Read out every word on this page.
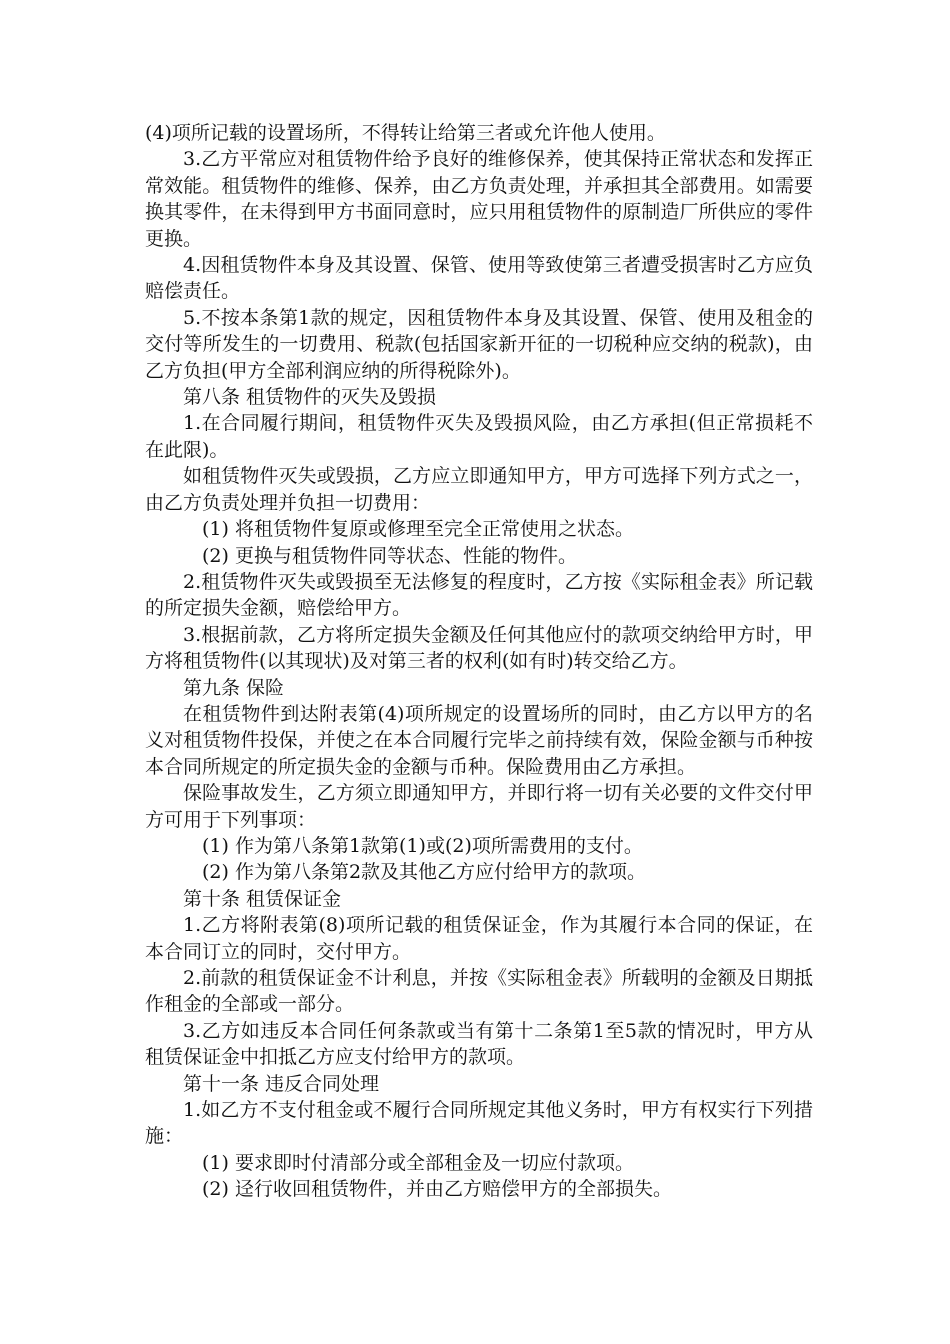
(4)项所记载的设置场所，不得转让给第三者或允许他人使用。

3.乙方平常应对租赁物件给予良好的维修保养，使其保持正常状态和发挥正常效能。租赁物件的维修、保养，由乙方负责处理，并承担其全部费用。如需要换其零件，在未得到甲方书面同意时，应只用租赁物件的原制造厂所供应的零件更换。

4.因租赁物件本身及其设置、保管、使用等致使第三者遭受损害时乙方应负赔偿责任。

5.不按本条第1款的规定，因租赁物件本身及其设置、保管、使用及租金的交付等所发生的一切费用、税款(包括国家新开征的一切税种应交纳的税款)，由乙方负担(甲方全部利润应纳的所得税除外)。

第八条 租赁物件的灭失及毁损

1.在合同履行期间，租赁物件灭失及毁损风险，由乙方承担(但正常损耗不在此限)。

如租赁物件灭失或毁损，乙方应立即通知甲方，甲方可选择下列方式之一，由乙方负责处理并负担一切费用：

(1) 将租赁物件复原或修理至完全正常使用之状态。

(2) 更换与租赁物件同等状态、性能的物件。

2.租赁物件灭失或毁损至无法修复的程度时，乙方按《实际租金表》所记载的所定损失金额，赔偿给甲方。

3.根据前款，乙方将所定损失金额及任何其他应付的款项交纳给甲方时，甲方将租赁物件(以其现状)及对第三者的权利(如有时)转交给乙方。

第九条 保险

在租赁物件到达附表第(4)项所规定的设置场所的同时，由乙方以甲方的名义对租赁物件投保，并使之在本合同履行完毕之前持续有效，保险金额与币种按本合同所规定的所定损失金的金额与币种。保险费用由乙方承担。

保险事故发生，乙方须立即通知甲方，并即行将一切有关必要的文件交付甲方可用于下列事项：

(1) 作为第八条第1款第(1)或(2)项所需费用的支付。

(2) 作为第八条第2款及其他乙方应付给甲方的款项。

第十条 租赁保证金

1.乙方将附表第(8)项所记载的租赁保证金，作为其履行本合同的保证，在本合同订立的同时，交付甲方。

2.前款的租赁保证金不计利息，并按《实际租金表》所载明的金额及日期抵作租金的全部或一部分。

3.乙方如违反本合同任何条款或当有第十二条第1至5款的情况时，甲方从租赁保证金中扣抵乙方应支付给甲方的款项。

第十一条 违反合同处理

1.如乙方不支付租金或不履行合同所规定其他义务时，甲方有权实行下列措施：

(1) 要求即时付清部分或全部租金及一切应付款项。

(2) 迳行收回租赁物件，并由乙方赔偿甲方的全部损失。
